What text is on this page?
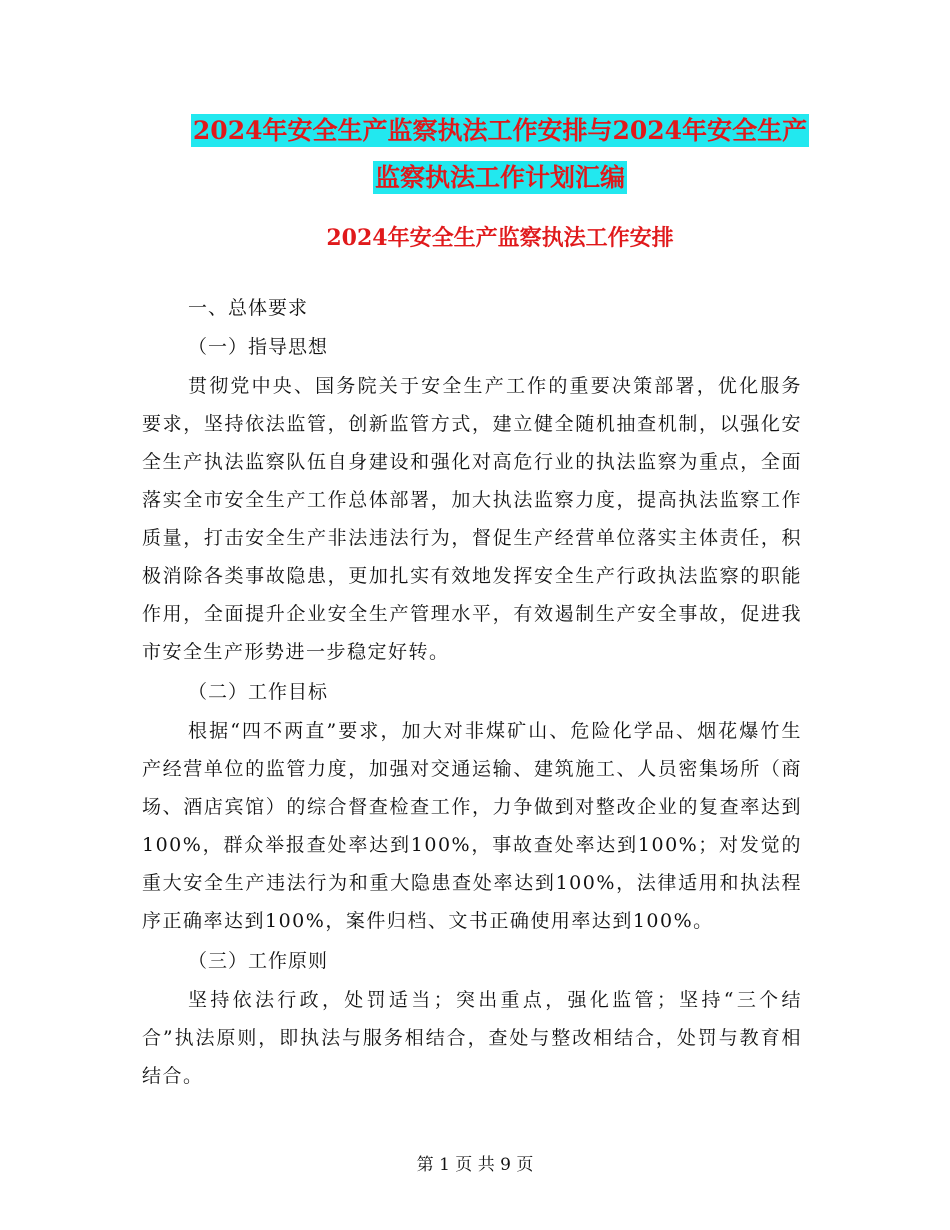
2024年安全生产监察执法工作安排与2024年安全生产
监察执法工作计划汇编
2024年安全生产监察执法工作安排
一、总体要求
（一）指导思想
贯彻党中央、国务院关于安全生产工作的重要决策部署，优化服务要求，坚持依法监管，创新监管方式，建立健全随机抽查机制，以强化安全生产执法监察队伍自身建设和强化对高危行业的执法监察为重点，全面落实全市安全生产工作总体部署，加大执法监察力度，提高执法监察工作质量，打击安全生产非法违法行为，督促生产经营单位落实主体责任，积极消除各类事故隐患，更加扎实有效地发挥安全生产行政执法监察的职能作用，全面提升企业安全生产管理水平，有效遏制生产安全事故，促进我市安全生产形势进一步稳定好转。
（二）工作目标
根据“四不两直”要求，加大对非煤矿山、危险化学品、烟花爆竹生产经营单位的监管力度，加强对交通运输、建筑施工、人员密集场所（商场、酒店宾馆）的综合督查检查工作，力争做到对整改企业的复查率达到100%，群众举报查处率达到100%，事故查处率达到100%；对发觉的重大安全生产违法行为和重大隐患查处率达到100%，法律适用和执法程序正确率达到100%，案件归档、文书正确使用率达到100%。
（三）工作原则
坚持依法行政，处罚适当；突出重点，强化监管；坚持“三个结合”执法原则，即执法与服务相结合，查处与整改相结合，处罚与教育相结合。
第 1 页 共 9 页
